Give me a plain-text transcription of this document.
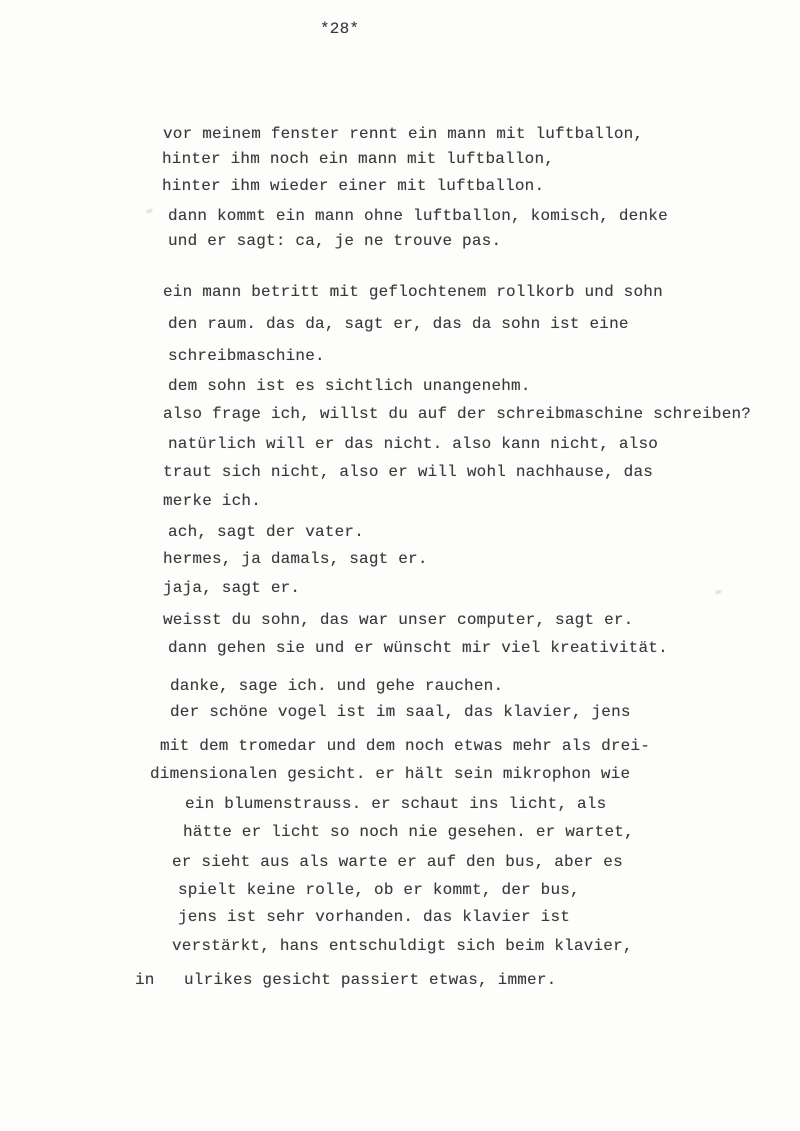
*28*
vor meinem fenster rennt ein mann mit luftballon,
hinter ihm noch ein mann mit luftballon,
hinter ihm wieder einer mit luftballon.
dann kommt ein mann ohne luftballon, komisch, denke
und er sagt: ca, je ne trouve pas.
ein mann betritt mit geflochtenem rollkorb und sohn
den raum. das da, sagt er, das da sohn ist eine
schreibmaschine.
dem sohn ist es sichtlich unangenehm.
also frage ich, willst du auf der schreibmaschine schreiben?
natürlich will er das nicht. also kann nicht, also
traut sich nicht, also er will wohl nachhause, das
merke ich.
ach, sagt der vater.
hermes, ja damals, sagt er.
jaja, sagt er.
weisst du sohn, das war unser computer, sagt er.
dann gehen sie und er wünscht mir viel kreativität.
danke, sage ich. und gehe rauchen.
der schöne vogel ist im saal, das klavier, jens
mit dem tromedar und dem noch etwas mehr als drei-
dimensionalen gesicht. er hält sein mikrophon wie
ein blumenstrauss. er schaut ins licht, als
hätte er licht so noch nie gesehen. er wartet,
er sieht aus als warte er auf den bus, aber es
spielt keine rolle, ob er kommt, der bus,
jens ist sehr vorhanden. das klavier ist
verstärkt, hans entschuldigt sich beim klavier,
in   ulrikes gesicht passiert etwas, immer.
